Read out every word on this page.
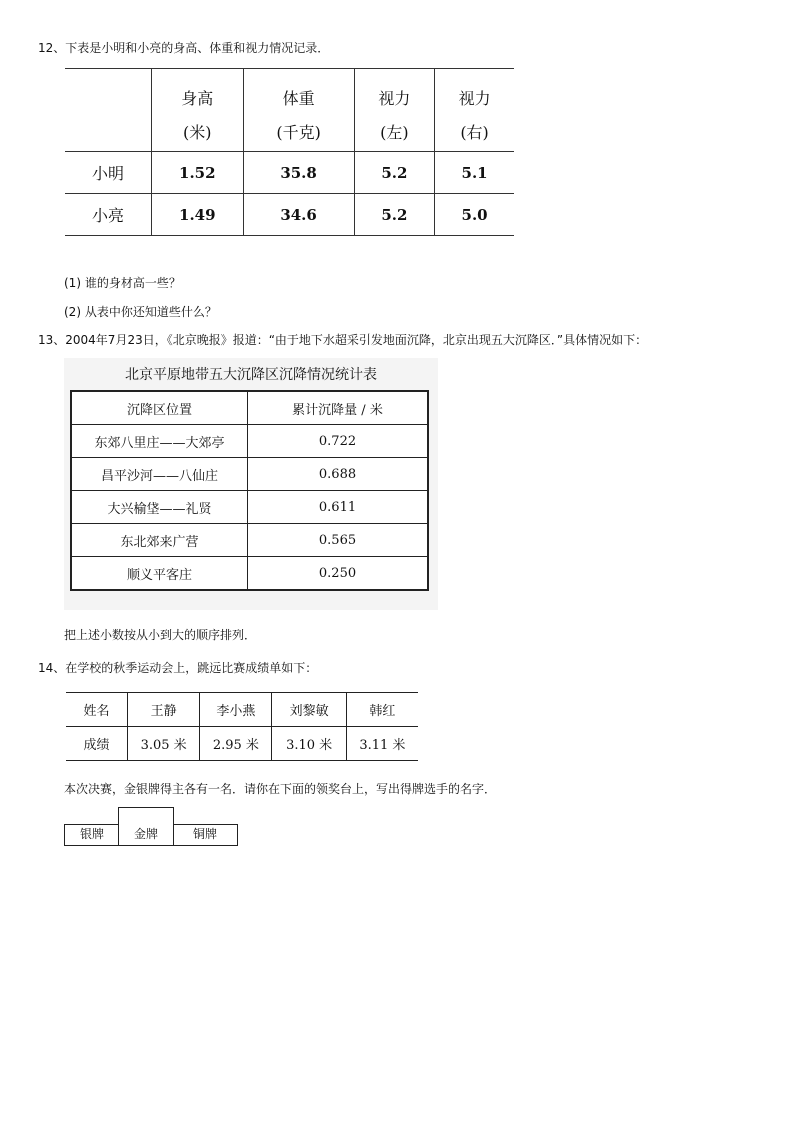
12、下表是小明和小亮的身高、体重和视力情况记录．
	身高	体重	视力	视力
	(米)	(千克)	(左)	(右)
小明	1.52	35.8	5.2	5.1
小亮	1.49	34.6	5.2	5.0
(1) 谁的身材高一些？
(2) 从表中你还知道些什么？
13、2004年7月23日，《北京晚报》报道：“由于地下水超采引发地面沉降，北京出现五大沉降区．”具体情况如下：
北京平原地带五大沉降区沉降情况统计表
沉降区位置	累计沉降量 / 米
东郊八里庄——大郊亭	0.722
昌平沙河——八仙庄	0.688
大兴榆垡——礼贤	0.611
东北郊来广营	0.565
顺义平客庄	0.250
把上述小数按从小到大的顺序排列．
14、在学校的秋季运动会上，跳远比赛成绩单如下：
姓名	王静	李小燕	刘黎敏	韩红
成绩	3.05 米	2.95 米	3.10 米	3.11 米
本次决赛，金银牌得主各有一名．请你在下面的领奖台上，写出得牌选手的名字．
银牌	铜牌
金牌
